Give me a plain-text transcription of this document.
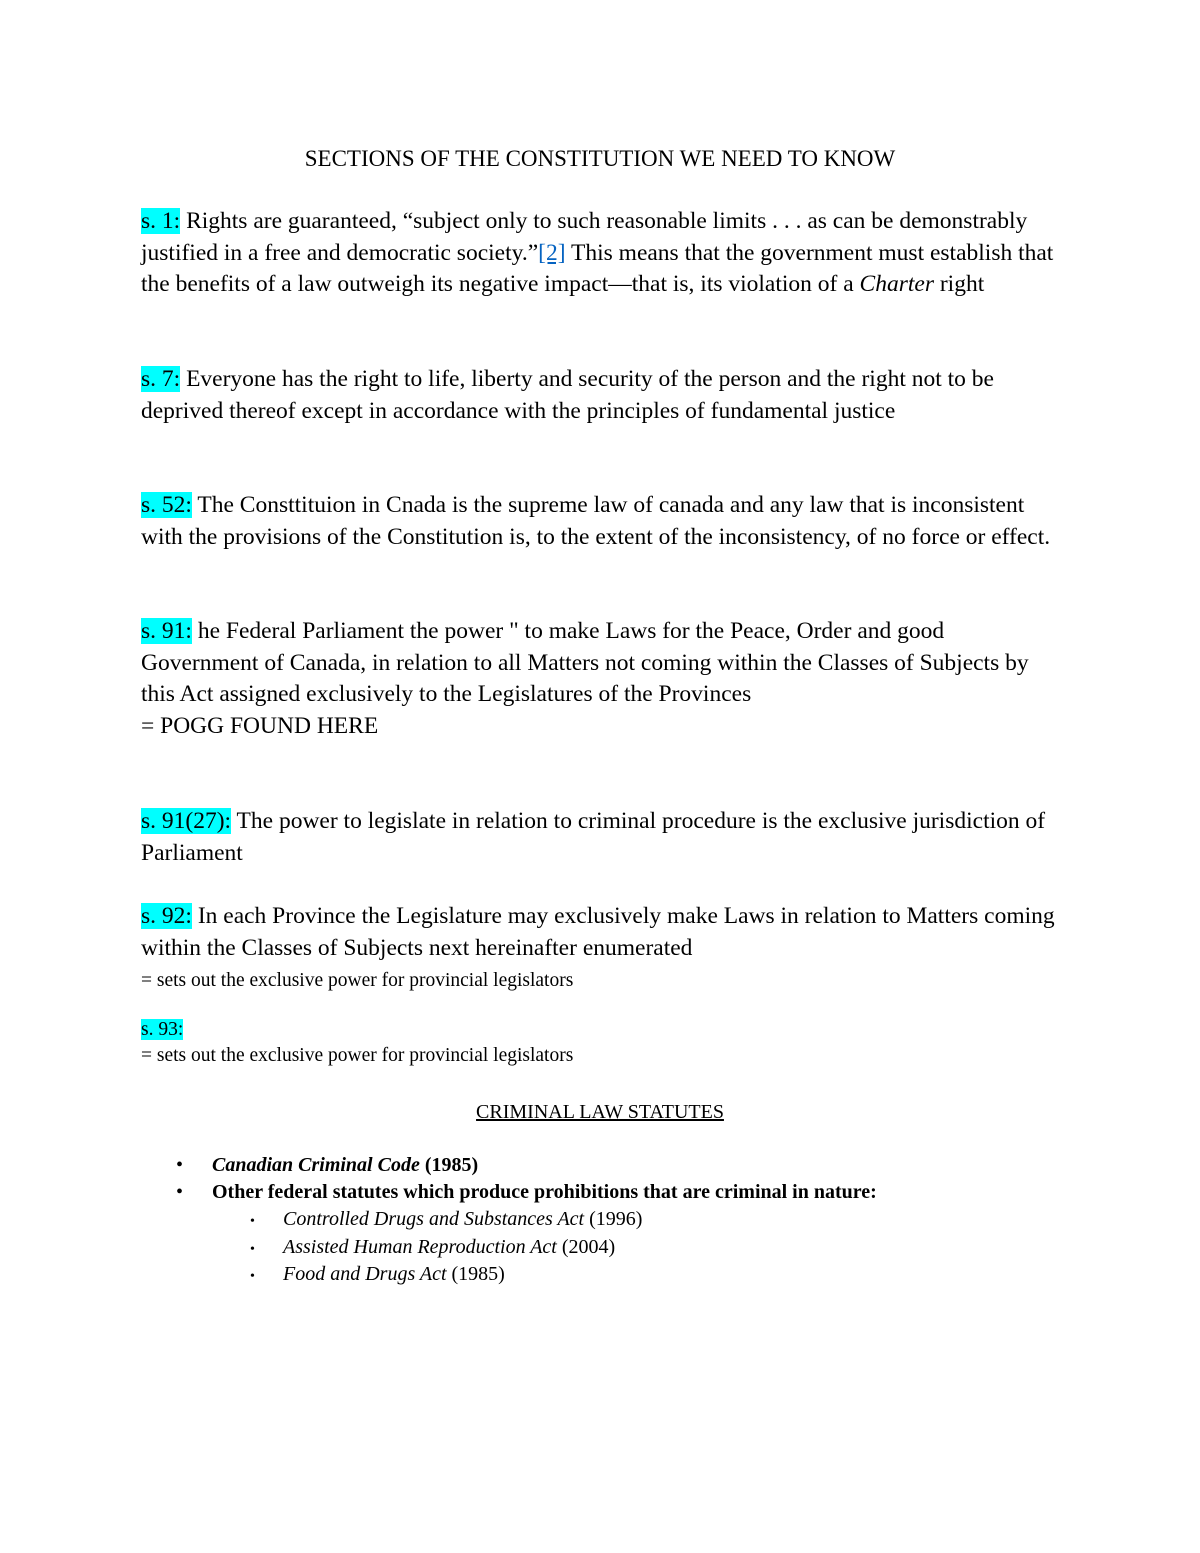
SECTIONS OF THE CONSTITUTION WE NEED TO KNOW
s. 1: Rights are guaranteed, “subject only to such reasonable limits . . . as can be demonstrably justified in a free and democratic society.”[2] This means that the government must establish that the benefits of a law outweigh its negative impact—that is, its violation of a Charter right
s. 7: Everyone has the right to life, liberty and security of the person and the right not to be deprived thereof except in accordance with the principles of fundamental justice
s. 52: The Consttituion in Cnada is the supreme law of canada and any law that is inconsistent with the provisions of the Constitution is, to the extent of the inconsistency, of no force or effect.
s. 91: he Federal Parliament the power " to make Laws for the Peace, Order and good Government of Canada, in relation to all Matters not coming within the Classes of Subjects by this Act assigned exclusively to the Legislatures of the Provinces
= POGG FOUND HERE
s. 91(27): The power to legislate in relation to criminal procedure is the exclusive jurisdiction of Parliament
s. 92: In each Province the Legislature may exclusively make Laws in relation to Matters coming within the Classes of Subjects next hereinafter enumerated
= sets out the exclusive power for provincial legislators
s. 93:
= sets out the exclusive power for provincial legislators
CRIMINAL LAW STATUTES
• Canadian Criminal Code (1985)
• Other federal statutes which produce prohibitions that are criminal in nature:
• Controlled Drugs and Substances Act (1996)
• Assisted Human Reproduction Act (2004)
• Food and Drugs Act (1985)
